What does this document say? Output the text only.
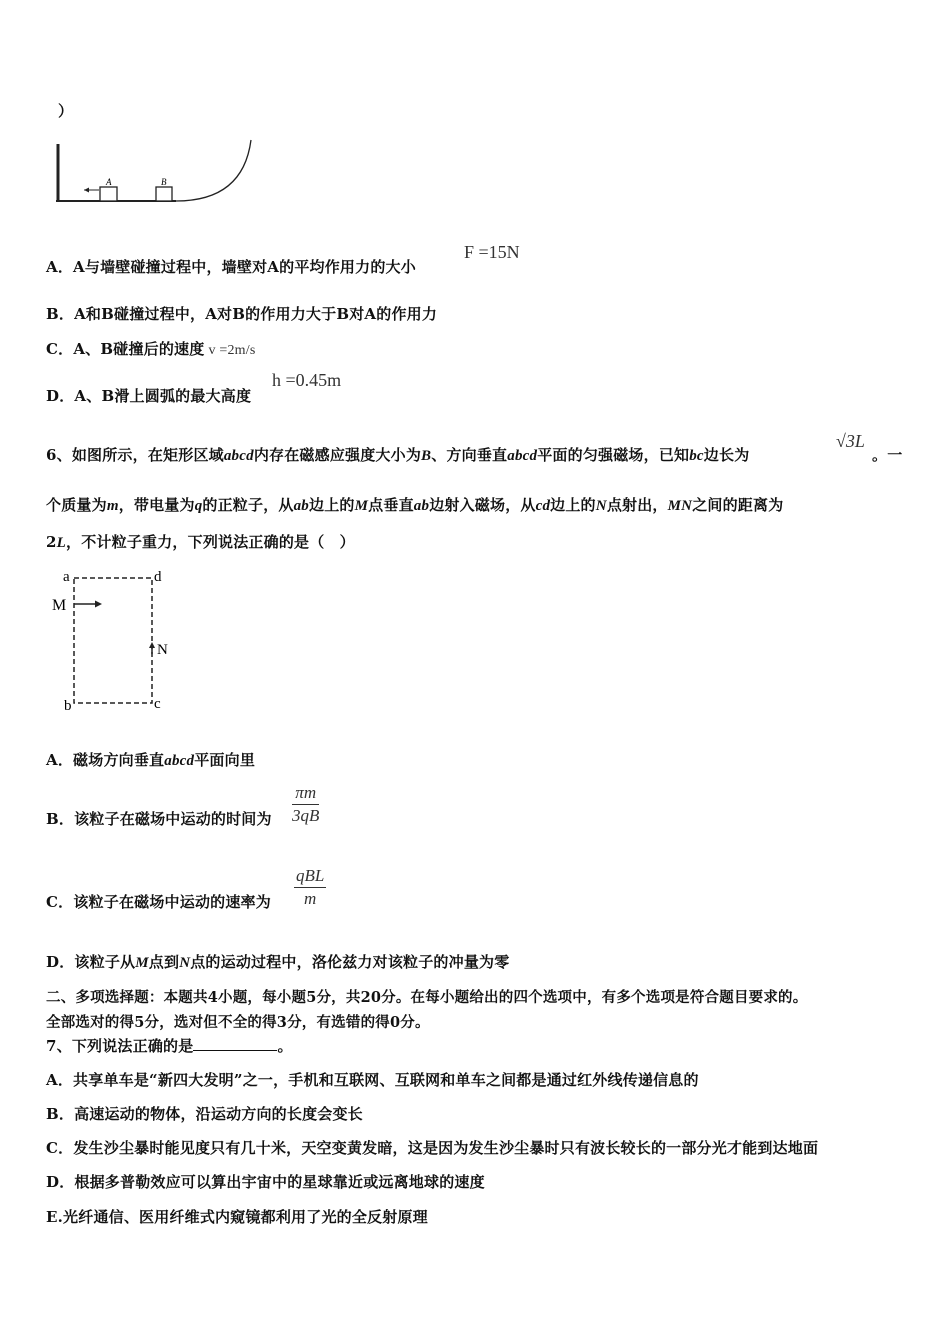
）
A	B
A．A与墙壁碰撞过程中，墙壁对A的平均作用力的大小
F =15N
B．A和B碰撞过程中，A对B的作用力大于B对A的作用力
C．A、B碰撞后的速度 v =2m/s
D．A、B滑上圆弧的最大高度
h =0.45m
6、如图所示，在矩形区域abcd内存在磁感应强度大小为B、方向垂直abcd平面的匀强磁场，已知bc边长为
√3L
。一
个质量为m，带电量为q的正粒子，从ab边上的M点垂直ab边射入磁场，从cd边上的N点射出，MN之间的距离为
2L，不计粒子重力，下列说法正确的是（　）
a	d
b	c
M
N
A．磁场方向垂直abcd平面向里
B．该粒子在磁场中运动的时间为 $\frac{\pi m}{3qB}$
C．该粒子在磁场中运动的速率为
qBL
m
D．该粒子从M点到N点的运动过程中，洛伦兹力对该粒子的冲量为零
二、多项选择题：本题共4小题，每小题5分，共20分。在每小题给出的四个选项中，有多个选项是符合题目要求的。
全部选对的得5分，选对但不全的得3分，有选错的得0分。
7、下列说法正确的是	。
A．共享单车是“新四大发明”之一，手机和互联网、互联网和单车之间都是通过红外线传递信息的
B．高速运动的物体，沿运动方向的长度会变长
C．发生沙尘暴时能见度只有几十米，天空变黄发暗，这是因为发生沙尘暴时只有波长较长的一部分光才能到达地面
D．根据多普勒效应可以算出宇宙中的星球靠近或远离地球的速度
E.光纤通信、医用纤维式内窥镜都利用了光的全反射原理
